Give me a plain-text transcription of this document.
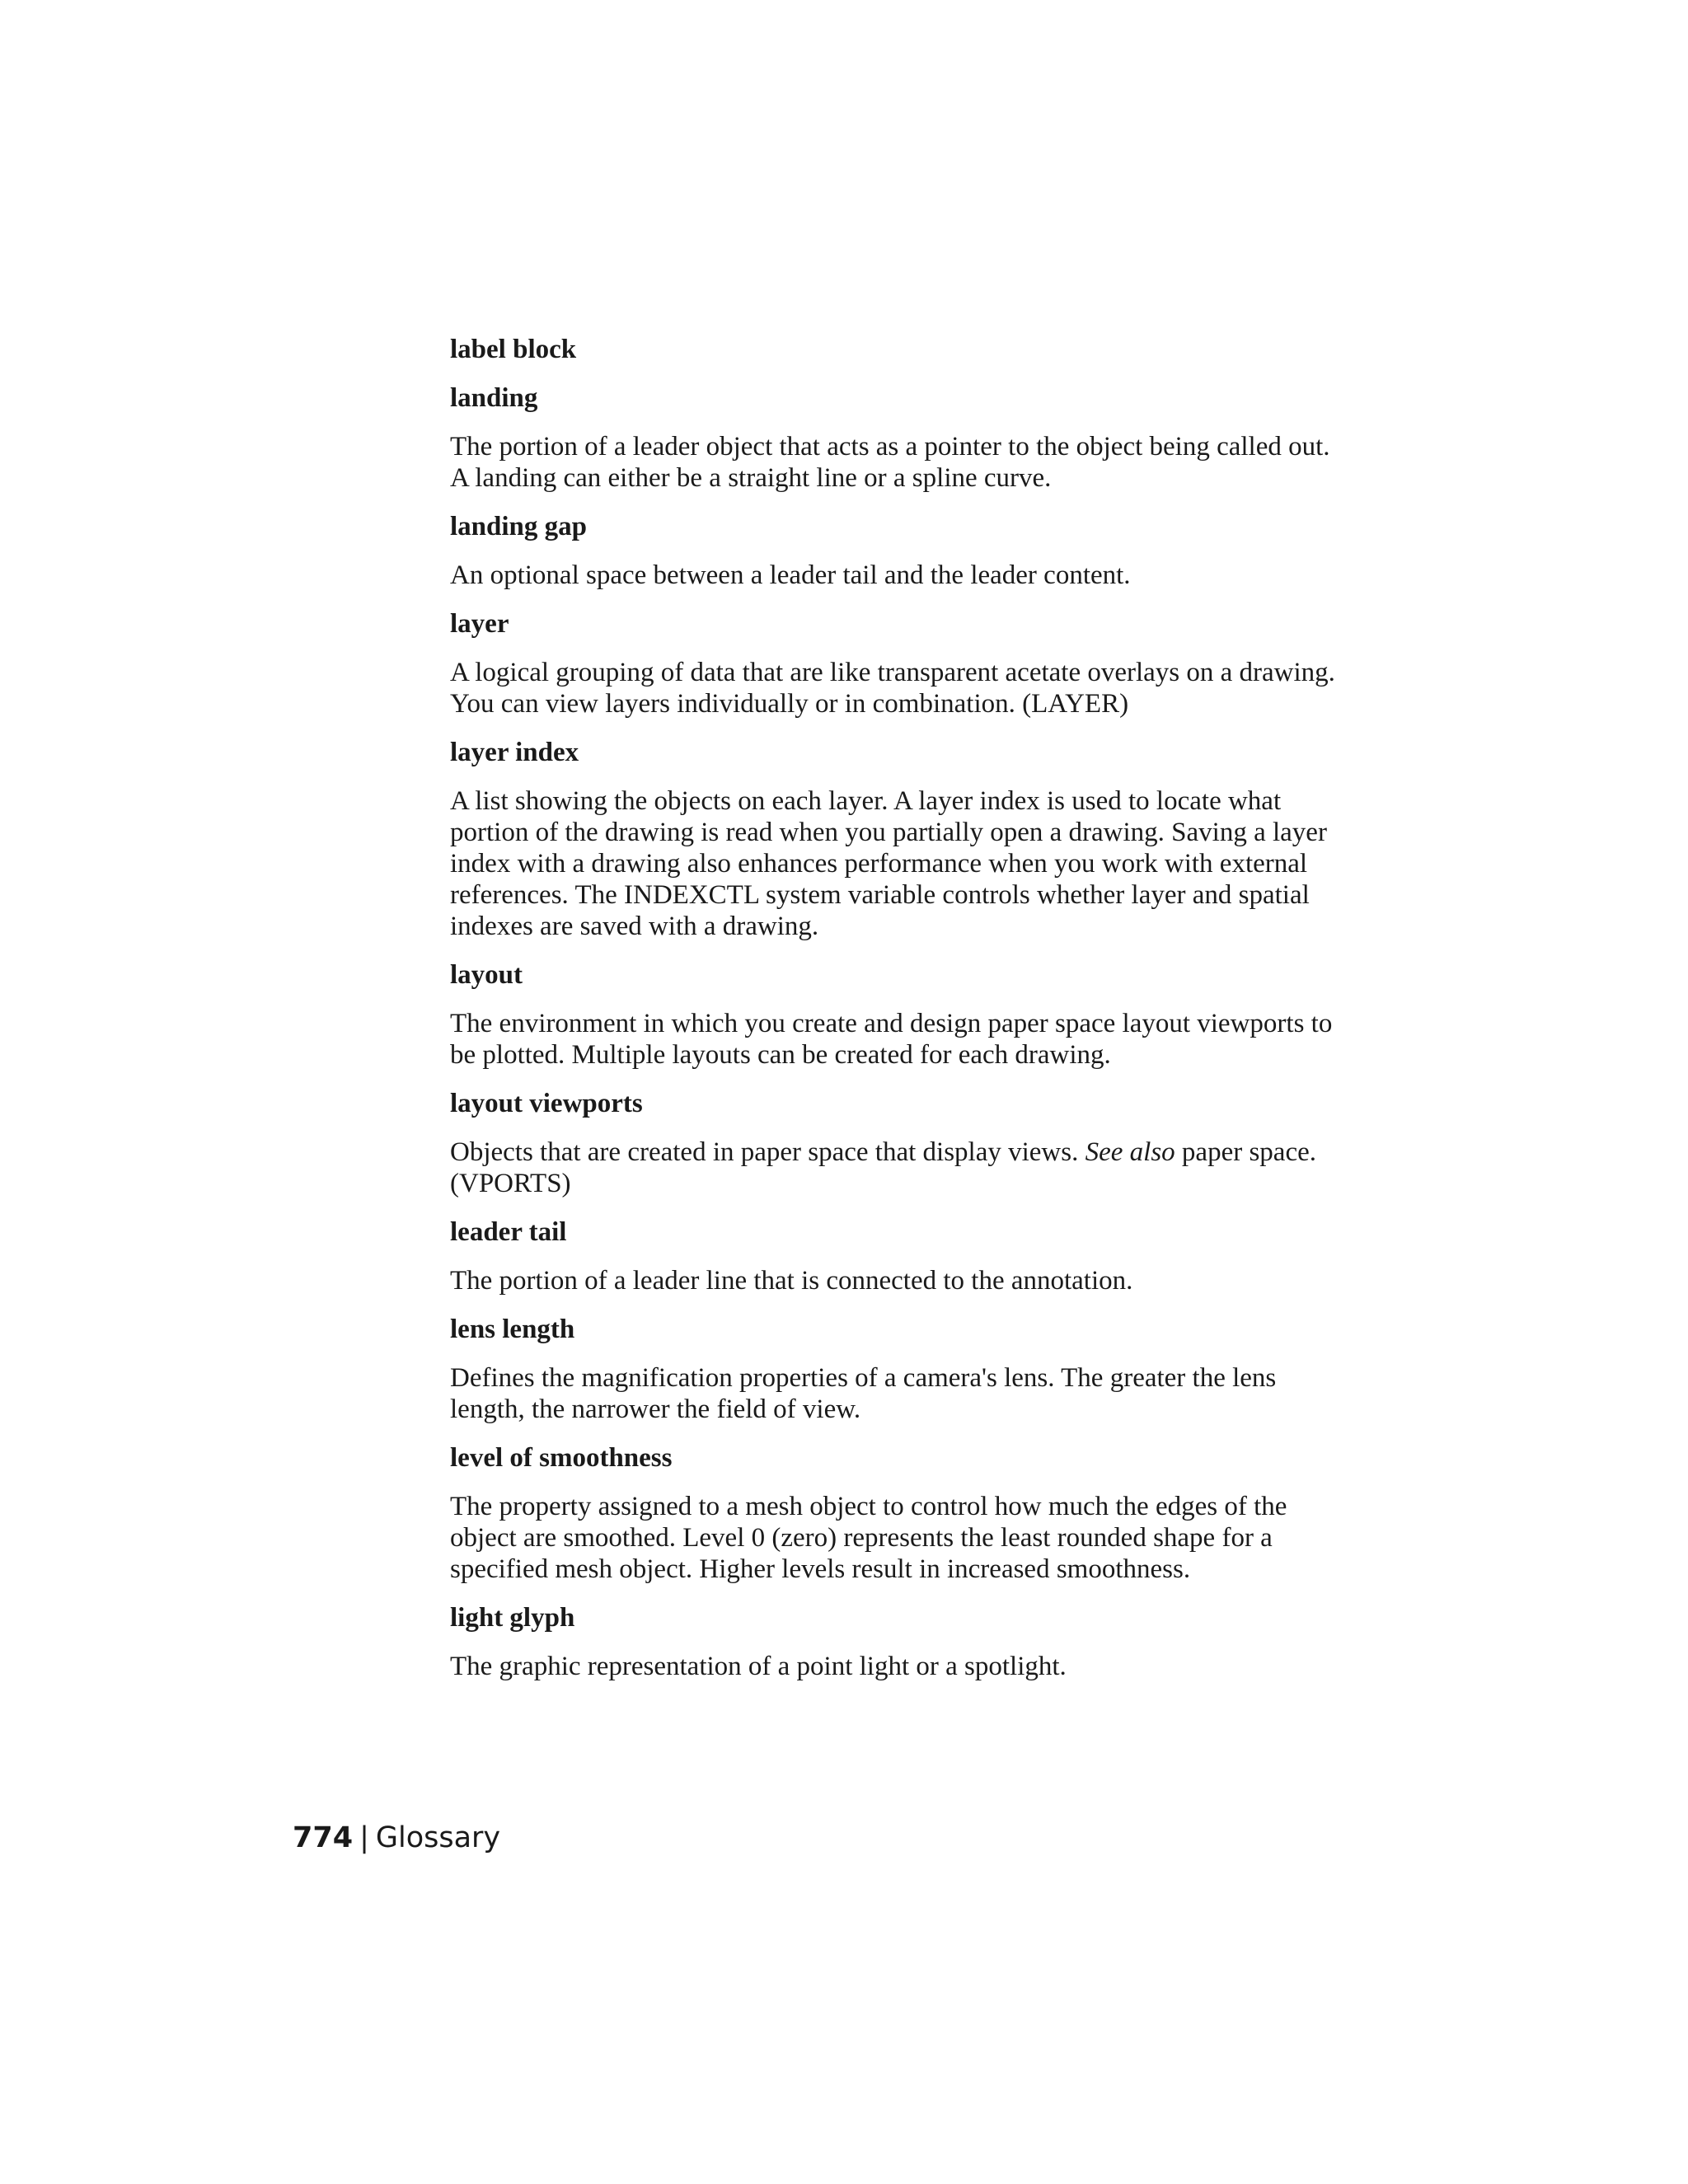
label block

landing

The portion of a leader object that acts as a pointer to the object being called out. A landing can either be a straight line or a spline curve.

landing gap

An optional space between a leader tail and the leader content.

layer

A logical grouping of data that are like transparent acetate overlays on a drawing. You can view layers individually or in combination. (LAYER)

layer index

A list showing the objects on each layer. A layer index is used to locate what portion of the drawing is read when you partially open a drawing. Saving a layer index with a drawing also enhances performance when you work with external references. The INDEXCTL system variable controls whether layer and spatial indexes are saved with a drawing.

layout

The environment in which you create and design paper space layout viewports to be plotted. Multiple layouts can be created for each drawing.

layout viewports

Objects that are created in paper space that display views. See also paper space. (VPORTS)

leader tail

The portion of a leader line that is connected to the annotation.

lens length

Defines the magnification properties of a camera's lens. The greater the lens length, the narrower the field of view.

level of smoothness

The property assigned to a mesh object to control how much the edges of the object are smoothed. Level 0 (zero) represents the least rounded shape for a specified mesh object. Higher levels result in increased smoothness.

light glyph

The graphic representation of a point light or a spotlight.

774 | Glossary
